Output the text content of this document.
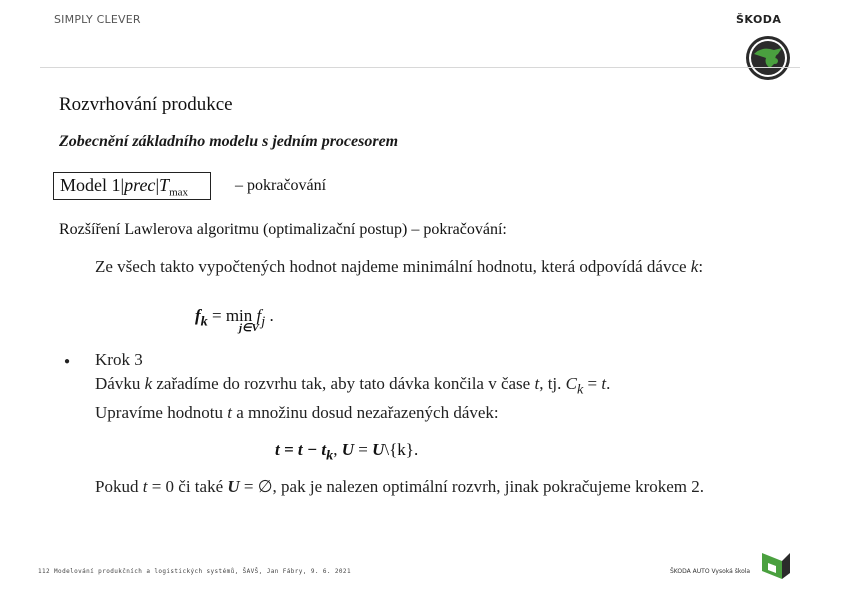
SIMPLY CLEVER	ŠKODA
Rozvrhování produkce
Zobecnění základního modelu s jedním procesorem
Model $1|prec|T_{max}$	– pokračování
Rozšíření Lawlerova algoritmu (optimalizační postup) – pokračování:
Ze všech takto vypočtených hodnot najdeme minimální hodnotu, která odpovídá dávce k:
$f_k = \min f_j$ .
j∈V
● Krok 3
Dávku k zařadíme do rozvrhu tak, aby tato dávka končila v čase t, tj. $C_k = t$.
Upravíme hodnotu t a množinu dosud nezařazených dávek:
$t = t - t_k$, U = U\{k}.
Pokud t = 0 či také U = ∅, pak je nalezen optimální rozvrh, jinak pokračujeme krokem 2.
112 Modelování produkčních a logistických systémů, ŠAVŠ, Jan Fábry, 9. 6. 2021	ŠKODA AUTO Vysoká škola
